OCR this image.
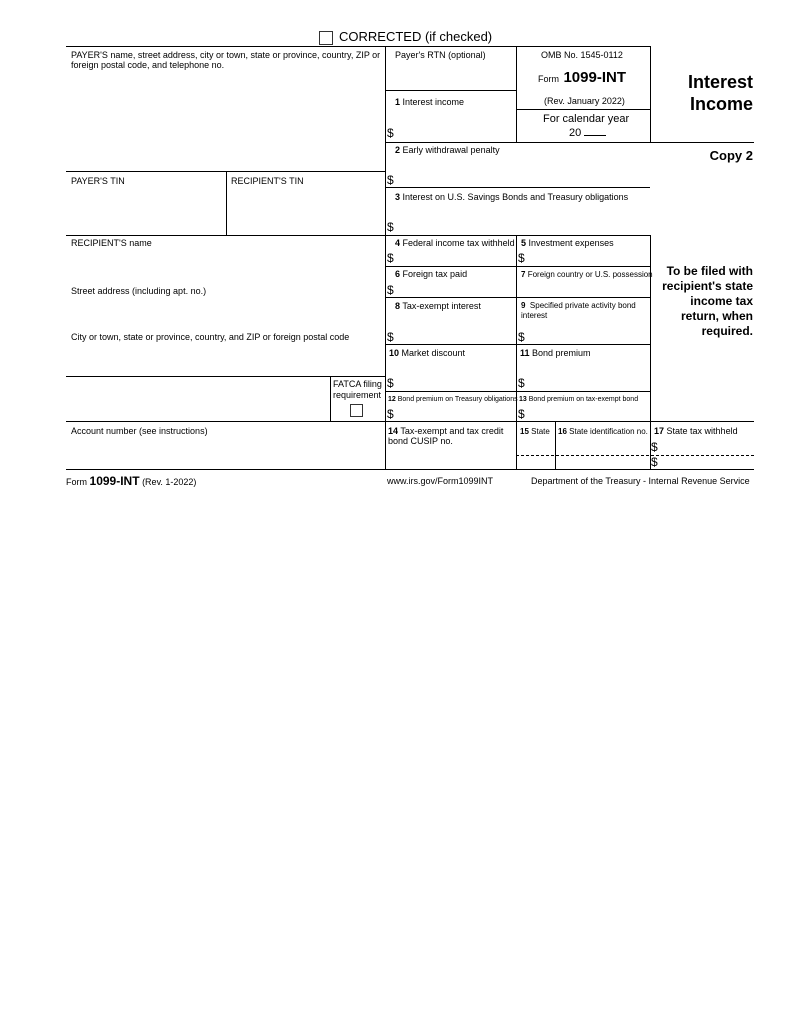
CORRECTED (if checked)
PAYER'S name, street address, city or town, state or province, country, ZIP or foreign postal code, and telephone no.
PAYER'S TIN	RECIPIENT'S TIN
RECIPIENT'S name
Street address (including apt. no.)
City or town, state or province, country, and ZIP or foreign postal code
FATCA filing
requirement
Account number (see instructions)
Payer's RTN (optional)	OMB No. 1545-0112
Form 1099-INT
(Rev. January 2022)
For calendar year
20
Interest
Income
Copy 2
To be filed with recipient's state income tax return, when required.
1 Interest income
$
2 Early withdrawal penalty
$
3 Interest on U.S. Savings Bonds and Treasury obligations
$
4 Federal income tax withheld
$
5 Investment expenses
$
6 Foreign tax paid
$
7 Foreign country or U.S. possession
8 Tax-exempt interest
$
9 Specified private activity bond interest
$
10 Market discount
$
11 Bond premium
$
12 Bond premium on Treasury obligations
$
13 Bond premium on tax-exempt bond
$
14 Tax-exempt and tax credit bond CUSIP no.
15 State 16 State identification no. 17 State tax withheld
$
$
Form 1099-INT (Rev. 1-2022)	www.irs.gov/Form1099INT	Department of the Treasury - Internal Revenue Service
